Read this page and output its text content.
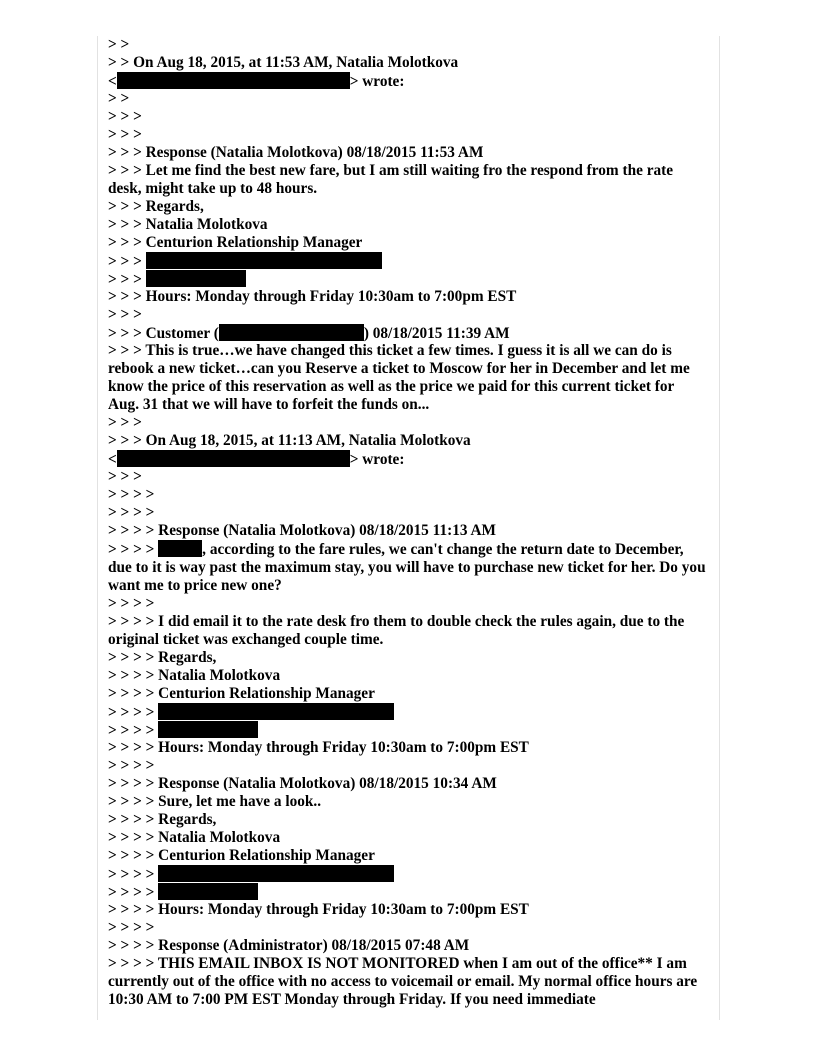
> >
> > On Aug 18, 2015, at 11:53 AM, Natalia Molotkova
<	> wrote:
> >
> > >
> > >
> > > Response (Natalia Molotkova) 08/18/2015 11:53 AM
> > > Let me find the best new fare, but I am still waiting fro the respond from the rate desk, might take up to 48 hours.
> > > Regards,
> > > Natalia Molotkova
> > > Centurion Relationship Manager
> > >
> > >
> > > Hours: Monday through Friday 10:30am to 7:00pm EST
> > >
> > > Customer (	) 08/18/2015 11:39 AM
> > > This is true…we have changed this ticket a few times. I guess it is all we can do is rebook a new ticket…can you Reserve a ticket to Moscow for her in December and let me know the price of this reservation as well as the price we paid for this current ticket for Aug. 31 that we will have to forfeit the funds on...
> > >
> > > On Aug 18, 2015, at 11:13 AM, Natalia Molotkova
<	> wrote:
> > >
> > > >
> > > >
> > > > Response (Natalia Molotkova) 08/18/2015 11:13 AM
> > > >	, according to the fare rules, we can't change the return date to December, due to it is way past the maximum stay, you will have to purchase new ticket for her. Do you want me to price new one?
> > > >
> > > > I did email it to the rate desk fro them to double check the rules again, due to the original ticket was exchanged couple time.
> > > > Regards,
> > > > Natalia Molotkova
> > > > Centurion Relationship Manager
> > > >
> > > >
> > > > Hours: Monday through Friday 10:30am to 7:00pm EST
> > > >
> > > > Response (Natalia Molotkova) 08/18/2015 10:34 AM
> > > > Sure, let me have a look..
> > > > Regards,
> > > > Natalia Molotkova
> > > > Centurion Relationship Manager
> > > >
> > > >
> > > > Hours: Monday through Friday 10:30am to 7:00pm EST
> > > >
> > > > Response (Administrator) 08/18/2015 07:48 AM
> > > > THIS EMAIL INBOX IS NOT MONITORED when I am out of the office** I am currently out of the office with no access to voicemail or email. My normal office hours are 10:30 AM to 7:00 PM EST Monday through Friday. If you need immediate
